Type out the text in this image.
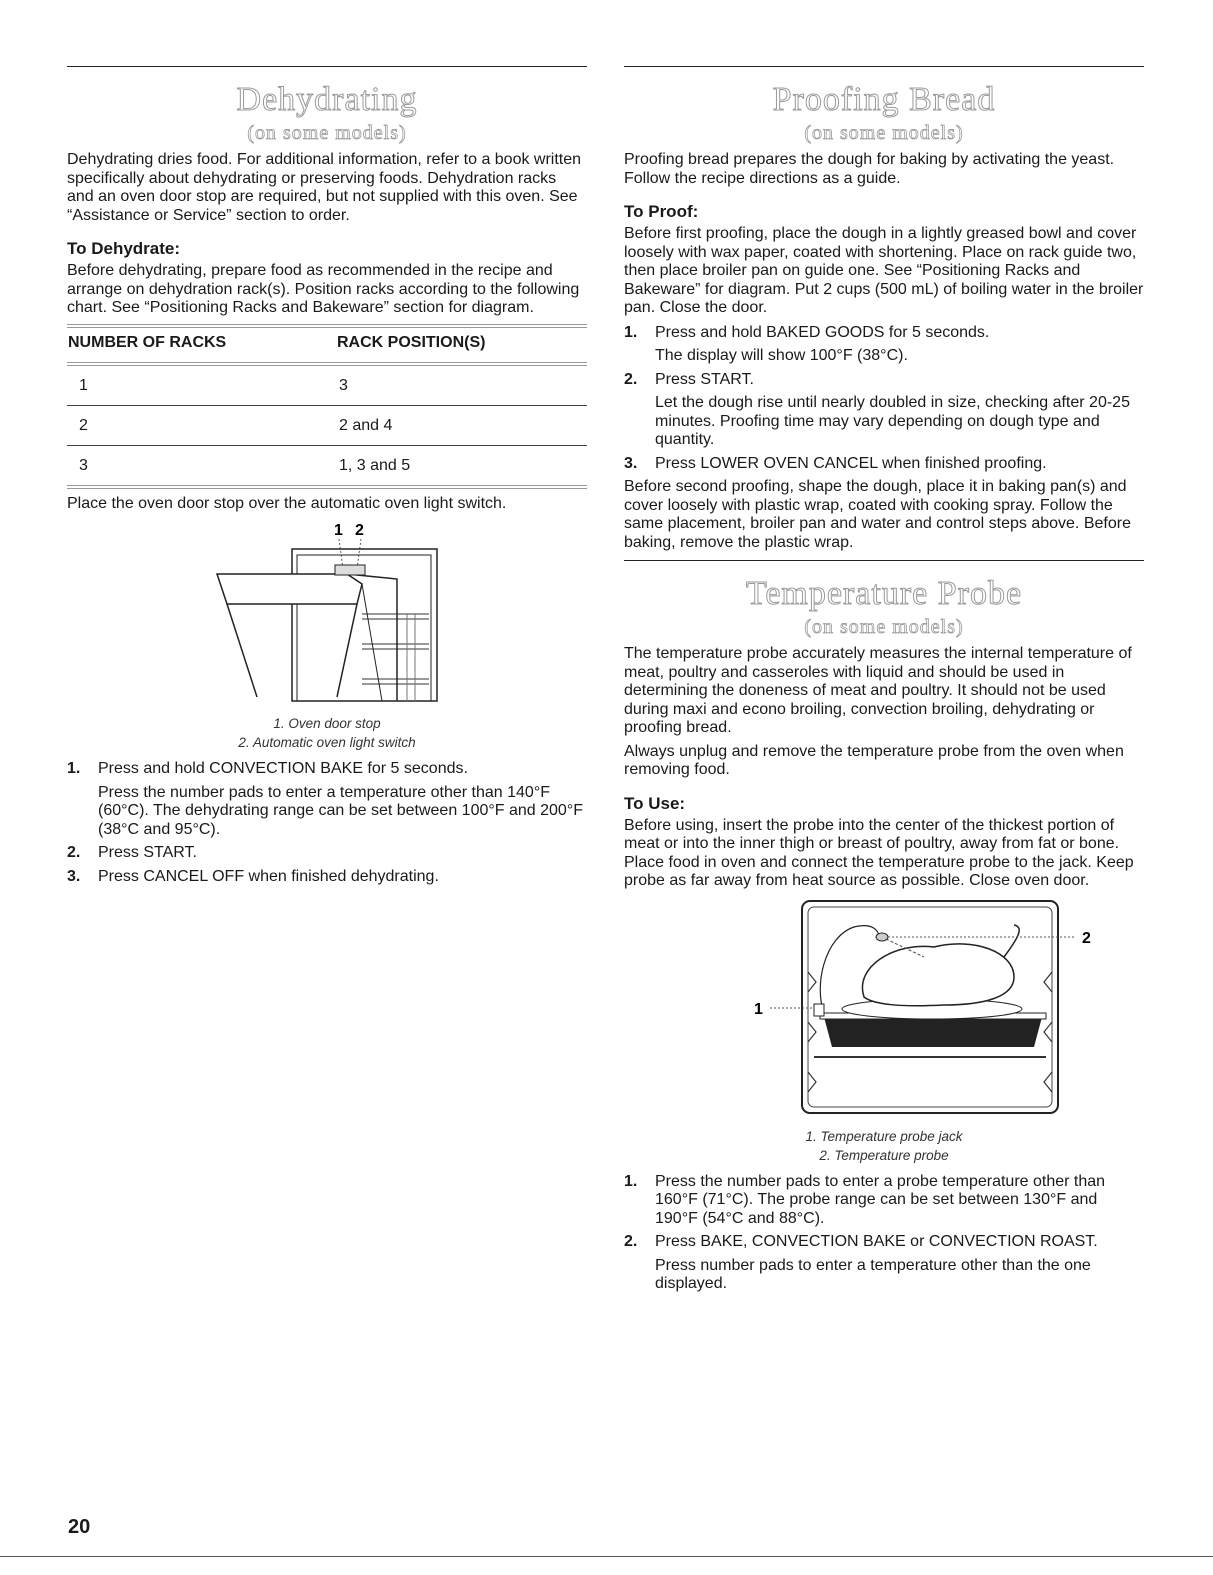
Dehydrating
(on some models)

Dehydrating dries food. For additional information, refer to a book written specifically about dehydrating or preserving foods. Dehydration racks and an oven door stop are required, but not supplied with this oven. See “Assistance or Service” section to order.

To Dehydrate:

Before dehydrating, prepare food as recommended in the recipe and arrange on dehydration rack(s). Position racks according to the following chart. See “Positioning Racks and Bakeware” section for diagram.

NUMBER OF RACKS	RACK POSITION(S)
1	3
2	2 and 4
3	1, 3 and 5

Place the oven door stop over the automatic oven light switch.

1 2
1. Oven door stop
2. Automatic oven light switch
1. Press and hold CONVECTION BAKE for 5 seconds.
Press the number pads to enter a temperature other than 140°F (60°C). The dehydrating range can be set between 100°F and 200°F (38°C and 95°C).
2. Press START.
3. Press CANCEL OFF when finished dehydrating.
Proofing Bread
(on some models)

Proofing bread prepares the dough for baking by activating the yeast. Follow the recipe directions as a guide.

To Proof:

Before first proofing, place the dough in a lightly greased bowl and cover loosely with wax paper, coated with shortening. Place on rack guide two, then place broiler pan on guide one. See “Positioning Racks and Bakeware” for diagram. Put 2 cups (500 mL) of boiling water in the broiler pan. Close the door.

1. Press and hold BAKED GOODS for 5 seconds.
The display will show 100°F (38°C).
2. Press START.
Let the dough rise until nearly doubled in size, checking after 20-25 minutes. Proofing time may vary depending on dough type and quantity.
3. Press LOWER OVEN CANCEL when finished proofing.

Before second proofing, shape the dough, place it in baking pan(s) and cover loosely with plastic wrap, coated with cooking spray. Follow the same placement, broiler pan and water and control steps above. Before baking, remove the plastic wrap.

Temperature Probe
(on some models)

The temperature probe accurately measures the internal temperature of meat, poultry and casseroles with liquid and should be used in determining the doneness of meat and poultry. It should not be used during maxi and econo broiling, convection broiling, dehydrating or proofing bread.

Always unplug and remove the temperature probe from the oven when removing food.

To Use:

Before using, insert the probe into the center of the thickest portion of meat or into the inner thigh or breast of poultry, away from fat or bone. Place food in oven and connect the temperature probe to the jack. Keep probe as far away from heat source as possible. Close oven door.

1
2
1. Temperature probe jack
2. Temperature probe
1. Press the number pads to enter a probe temperature other than 160°F (71°C). The probe range can be set between 130°F and 190°F (54°C and 88°C).
2. Press BAKE, CONVECTION BAKE or CONVECTION ROAST.
Press number pads to enter a temperature other than the one displayed.
20
